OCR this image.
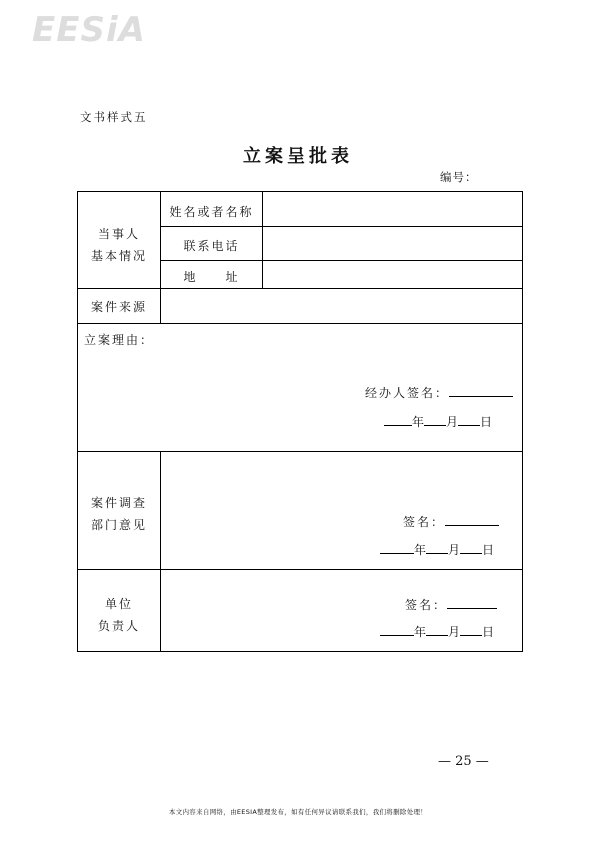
EESiA
文书样式五
立案呈批表
编号：
当事人
基本情况
姓名或者名称
联系电话
地　　址
案件来源
立案理由：
经办人签名：
年 月 日
案件调查
部门意见	签名：
年 月 日
单位
负责人
签名：
年 月 日
— 25 —
本文内容来自网络，由EESIA整理发布，如有任何异议请联系我们，我们将删除处理！
